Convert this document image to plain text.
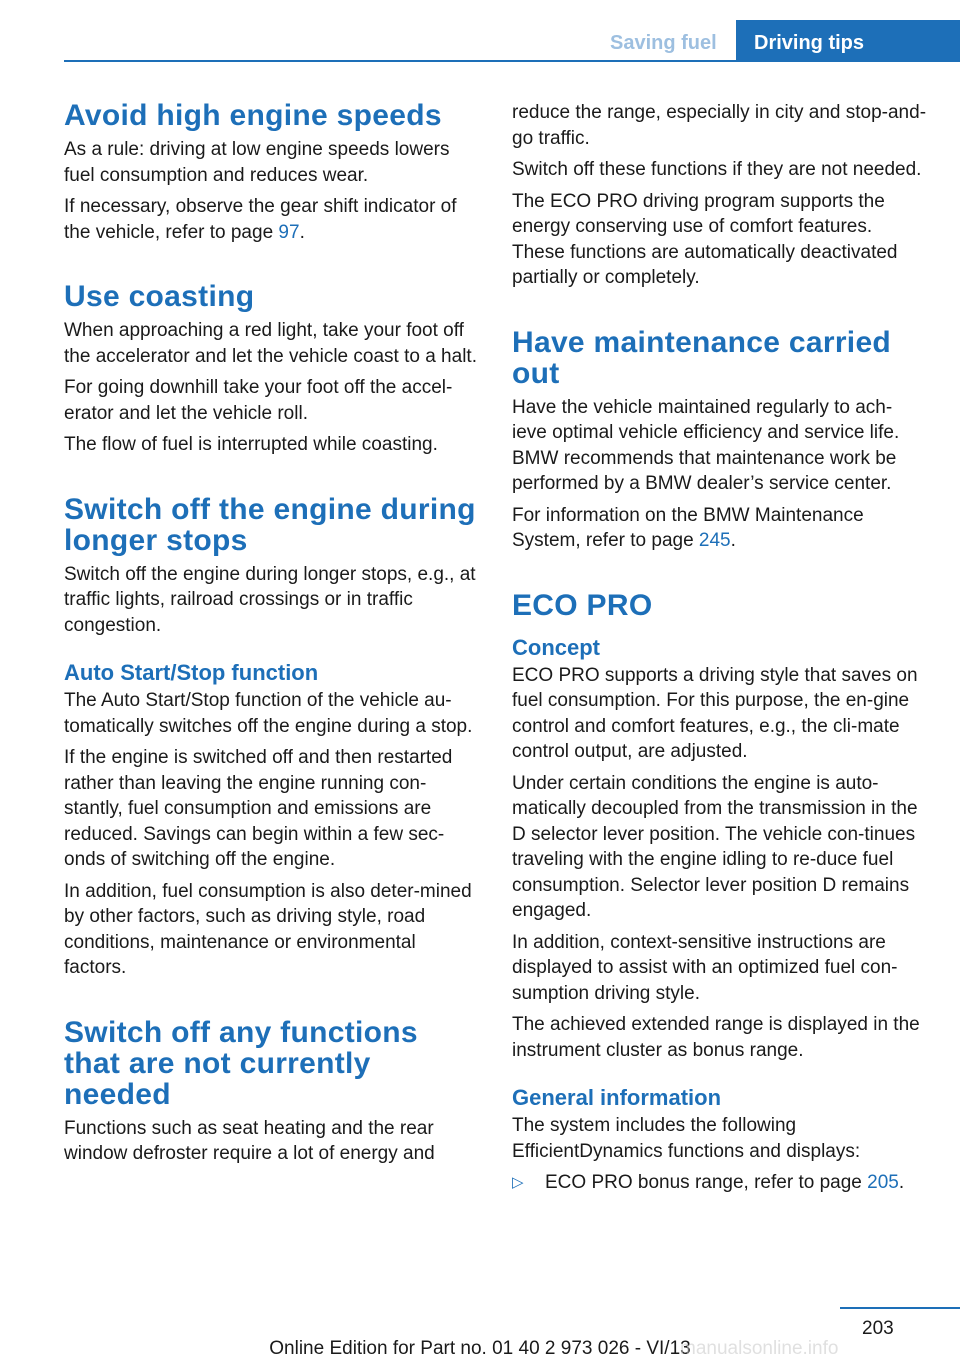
Saving fuel Driving tips
Avoid high engine speeds

As a rule: driving at low engine speeds lowers fuel consumption and reduces wear.

If necessary, observe the gear shift indicator of the vehicle, refer to page 97.

Use coasting

When approaching a red light, take your foot off the accelerator and let the vehicle coast to a halt.

For going downhill take your foot off the accel‐erator and let the vehicle roll.

The flow of fuel is interrupted while coasting.

Switch off the engine during longer stops

Switch off the engine during longer stops, e.g., at traffic lights, railroad crossings or in traffic congestion.

Auto Start/Stop function

The Auto Start/Stop function of the vehicle au‐tomatically switches off the engine during a stop.

If the engine is switched off and then restarted rather than leaving the engine running con‐stantly, fuel consumption and emissions are reduced. Savings can begin within a few sec‐onds of switching off the engine.

In addition, fuel consumption is also deter‐mined by other factors, such as driving style, road conditions, maintenance or environmental factors.

Switch off any functions that are not currently needed

Functions such as seat heating and the rear window defroster require a lot of energy and

reduce the range, especially in city and stop-and-go traffic.

Switch off these functions if they are not needed.

The ECO PRO driving program supports the energy conserving use of comfort features. These functions are automatically deactivated partially or completely.

Have maintenance carried out

Have the vehicle maintained regularly to ach‐ieve optimal vehicle efficiency and service life. BMW recommends that maintenance work be performed by a BMW dealer’s service center.

For information on the BMW Maintenance System, refer to page 245.

ECO PRO
Concept

ECO PRO supports a driving style that saves on fuel consumption. For this purpose, the en‐gine control and comfort features, e.g., the cli‐mate control output, are adjusted.

Under certain conditions the engine is auto‐matically decoupled from the transmission in the D selector lever position. The vehicle con‐tinues traveling with the engine idling to re‐duce fuel consumption. Selector lever position D remains engaged.

In addition, context-sensitive instructions are displayed to assist with an optimized fuel con‐sumption driving style.

The achieved extended range is displayed in the instrument cluster as bonus range.

General information

The system includes the following EfficientDynamics functions and displays:

▷	ECO PRO bonus range, refer to page 205.
203
Online Edition for Part no. 01 40 2 973 026 - VI/13
manualsonline.info
